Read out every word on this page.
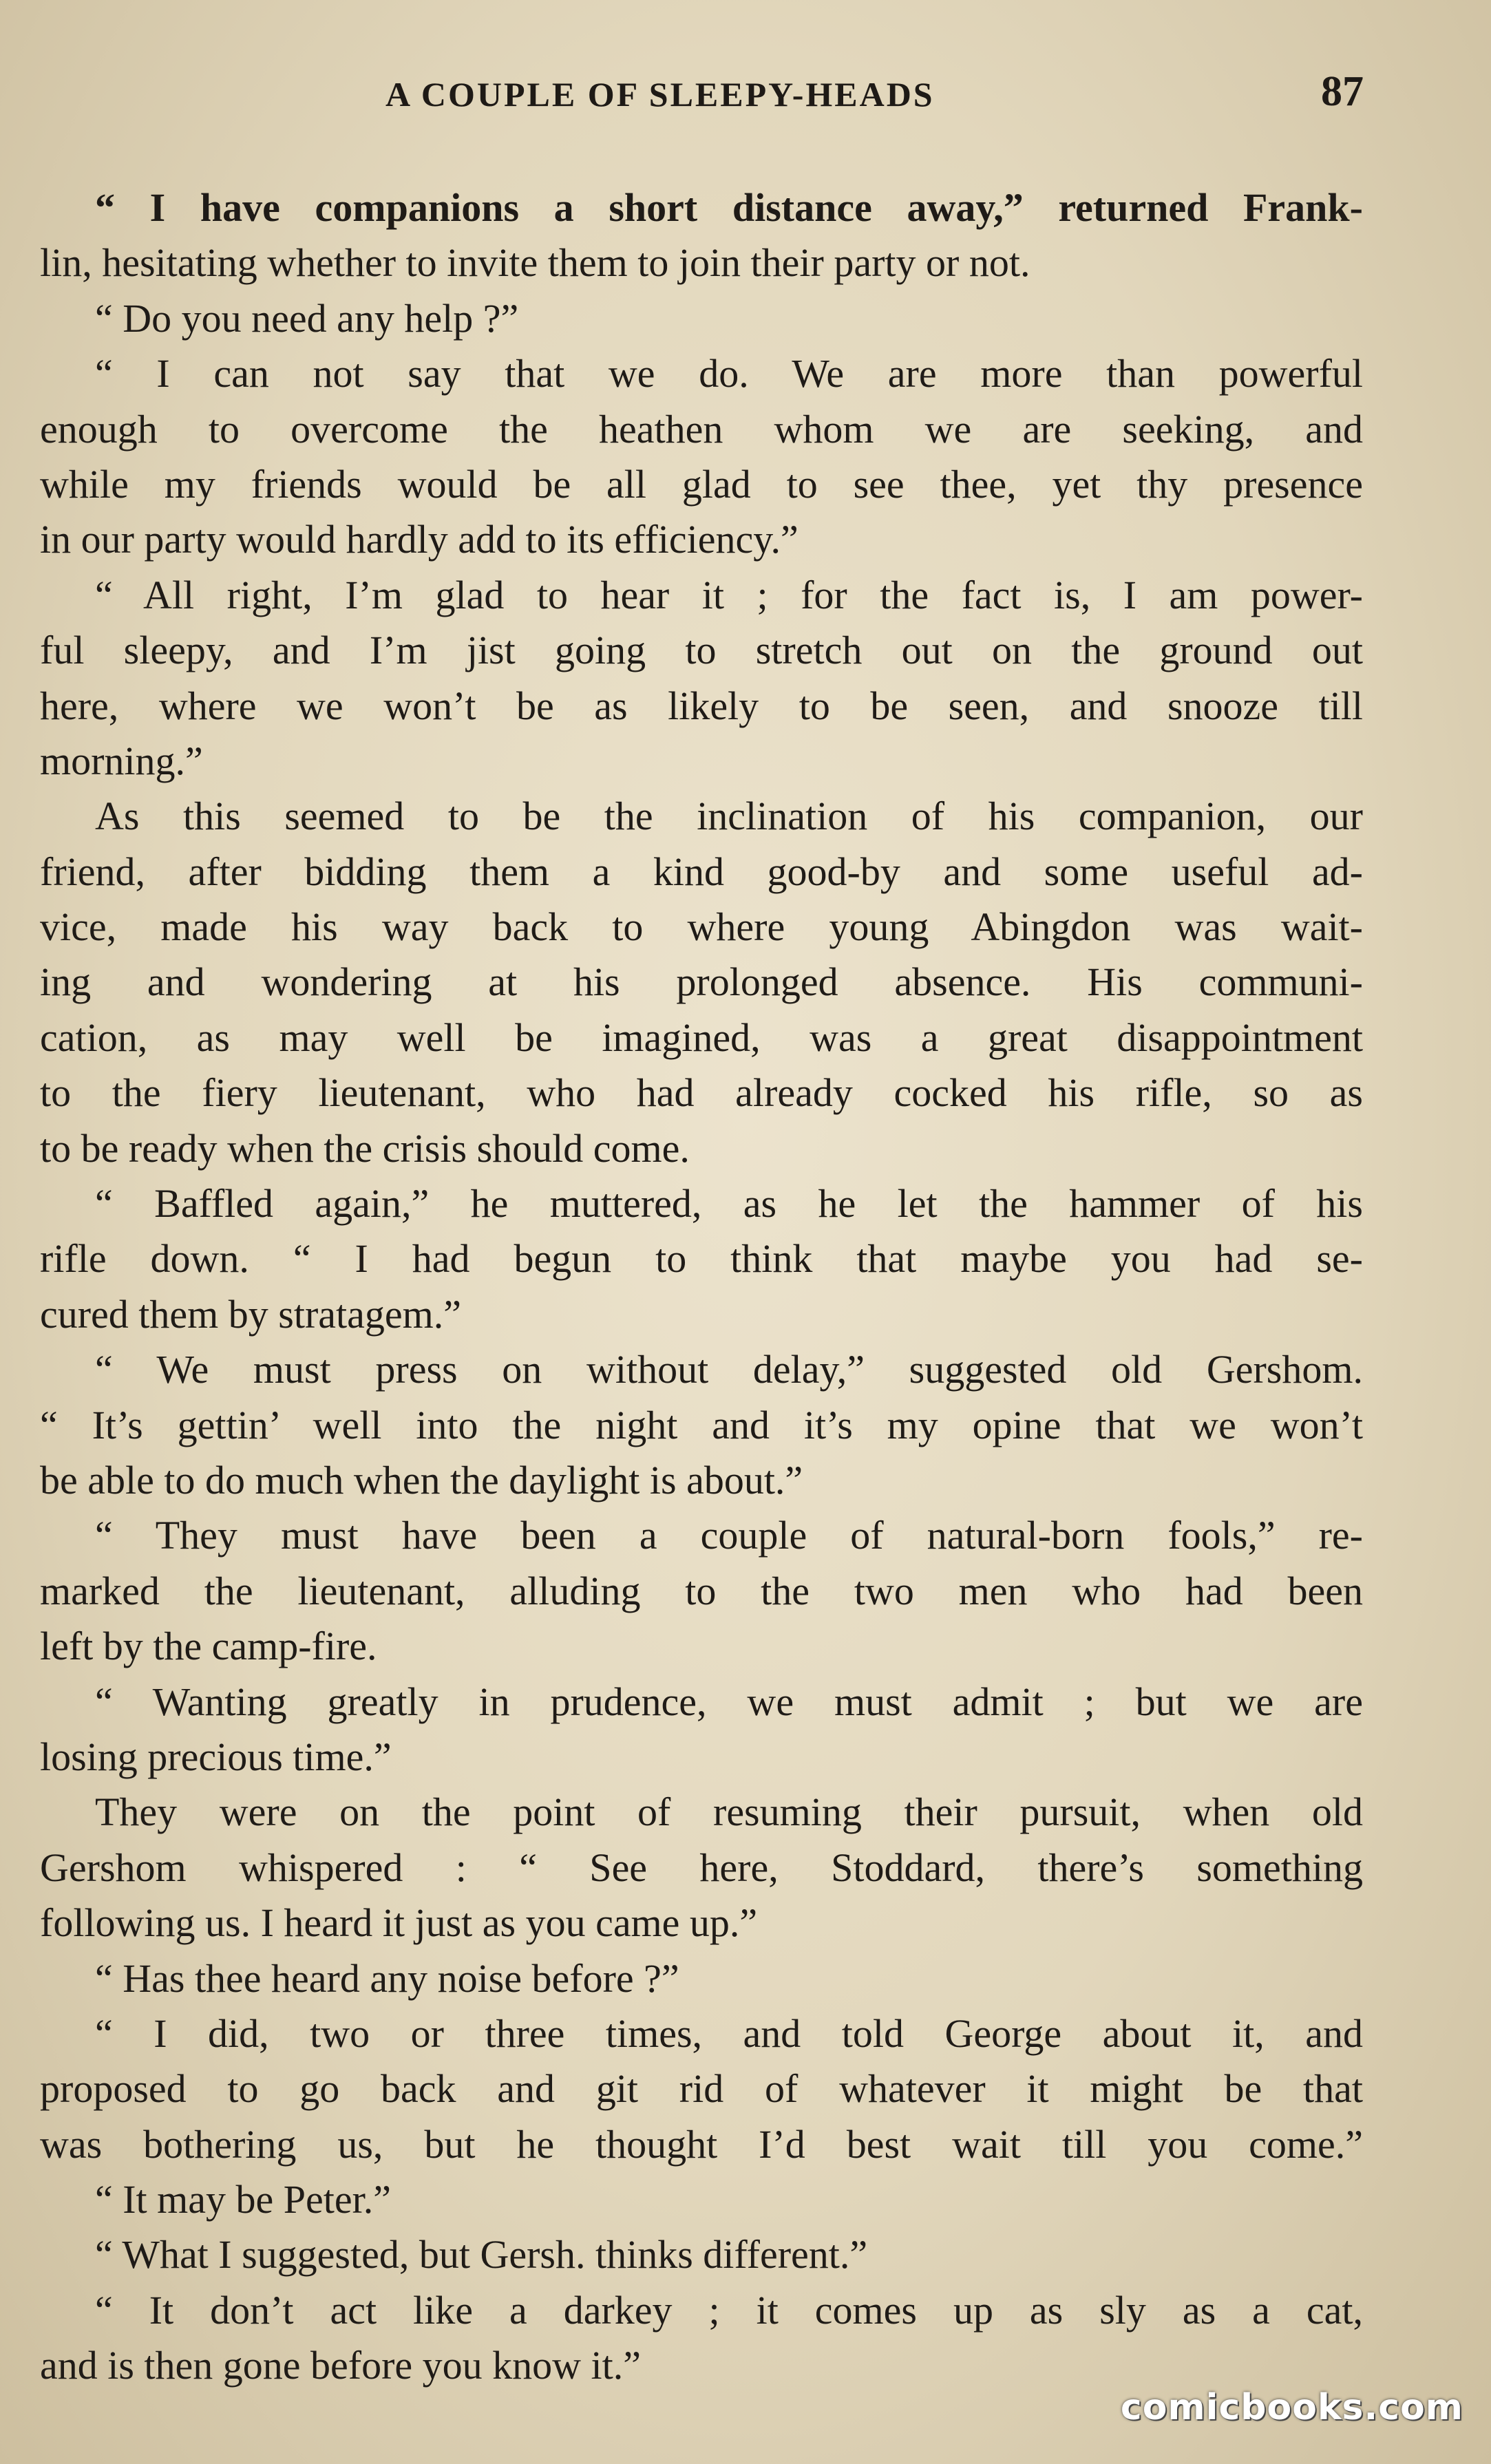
A COUPLE OF SLEEPY-HEADS	87
“ I have companions a short distance away,” returned Frank-
lin, hesitating whether to invite them to join their party or not.
“ Do you need any help ?”
“ I can not say that we do. We are more than powerful
enough to overcome the heathen whom we are seeking, and
while my friends would be all glad to see thee, yet thy presence
in our party would hardly add to its efficiency.”
“ All right, I’m glad to hear it ; for the fact is, I am power-
ful sleepy, and I’m jist going to stretch out on the ground out
here, where we won’t be as likely to be seen, and snooze till
morning.”
As this seemed to be the inclination of his companion, our
friend, after bidding them a kind good-by and some useful ad-
vice, made his way back to where young Abingdon was wait-
ing and wondering at his prolonged absence. His communi-
cation, as may well be imagined, was a great disappointment
to the fiery lieutenant, who had already cocked his rifle, so as
to be ready when the crisis should come.
“ Baffled again,” he muttered, as he let the hammer of his
rifle down. “ I had begun to think that maybe you had se-
cured them by stratagem.”
“ We must press on without delay,” suggested old Gershom.
“ It’s gettin’ well into the night and it’s my opine that we won’t
be able to do much when the daylight is about.”
“ They must have been a couple of natural-born fools,” re-
marked the lieutenant, alluding to the two men who had been
left by the camp-fire.
“ Wanting greatly in prudence, we must admit ; but we are
losing precious time.”
They were on the point of resuming their pursuit, when old
Gershom whispered : “ See here, Stoddard, there’s something
following us. I heard it just as you came up.”
“ Has thee heard any noise before ?”
“ I did, two or three times, and told George about it, and
proposed to go back and git rid of whatever it might be that
was bothering us, but he thought I’d best wait till you come.”
“ It may be Peter.”
“ What I suggested, but Gersh. thinks different.”
“ It don’t act like a darkey ; it comes up as sly as a cat,
and is then gone before you know it.”
comicbooks.com
